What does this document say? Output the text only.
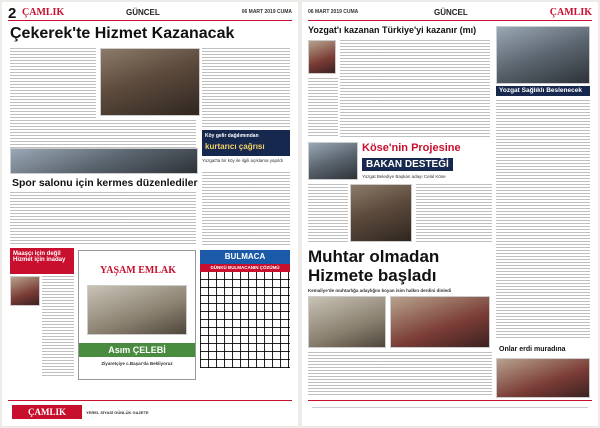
2 ÇAMLIK	GÜNCEL	06 MART 2019 CUMA
Çekerek'te Hizmet Kazanacak
Spor salonu için kermes düzenlediler
Köy gelir dağılımından
kurtarıcı çağrısı
Yozgat'ta bir köy ile ilgili açıklama yapıldı
Maaşçı için değil
Hizmet için inaday
YAŞAM EMLAK
Asım ÇELEBİ
Ziyaretçiye c.Başar'da Bekliyoruz
BULMACA
DÜNKÜ BULMACANIN ÇÖZÜMÜ
ÇAMLIK	YEREL SİYASİ GÜNLÜK GAZETE
06 MART 2019 CUMA	GÜNCEL	ÇAMLIK
Yozgat'ı kazanan Türkiye'yi kazanır (mı)
Yozgat Sağlıklı Beslenecek
Köse'nin Projesine
BAKAN DESTEĞİ
Yozgat Belediye Başkan adayı Celal Köse
Muhtar olmadan
Hizmete başladı
Kemaliye'de muhtarlığa adaylığını koyan isim halkın derdini dinledi
Onlar erdi muradına
